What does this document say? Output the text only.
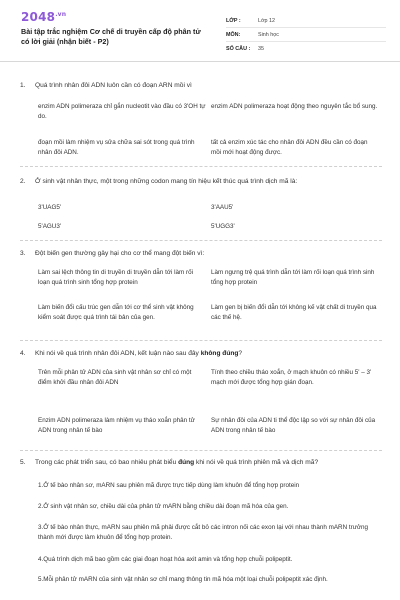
$2048^{.vn}$
Bài tập trắc nghiệm Cơ chế di truyền cấp độ phân tử có lời giải (nhận biết - P2)
LỚP :	Lớp 12
MÔN:	Sinh học
SỐ CÂU :	35
1. Quá trình nhân đôi ADN luôn cần có đoạn ARN mồi vì
enzim ADN polimeraza chỉ gắn nucleotit vào đầu có 3'OH tự do.
enzim ADN polimeraza hoạt động theo nguyên tắc bổ sung.
đoạn mồi làm nhiệm vụ sửa chữa sai sót trong quá trình nhân đôi ADN.
tất cả enzim xúc tác cho nhân đôi ADN đều cần có đoạn mồi mới hoạt động được.
2. Ở sinh vật nhân thực, một trong những codon mang tín hiệu kết thúc quá trình dịch mã là:
3'UAG5'	3'AAU5'
5'AGU3'	5'UGG3'
3. Đột biến gen thường gây hại cho cơ thể mang đột biến vì:
Làm sai lệch thông tin di truyền di truyền dẫn tới làm rối loạn quá trình sinh tổng hợp protein
Làm ngưng trệ quá trình dẫn tới làm rối loạn quá trình sinh tổng hợp protein
Làm biến đổi cấu trúc gen dẫn tới cơ thể sinh vật không kiểm soát được quá trình tái bản của gen.
Làm gen bị biến đổi dẫn tới không kế vật chất di truyền qua các thế hệ.
4. Khi nói về quá trình nhân đôi ADN, kết luận nào sau đây không đúng?
Trên mỗi phân tử ADN của sinh vật nhân sơ chỉ có một điểm khởi đầu nhân đôi ADN
Tính theo chiều tháo xoắn, ở mạch khuôn có nhiều 5' – 3' mạch mới được tổng hợp gián đoạn.
Enzim ADN polimeraza làm nhiệm vụ tháo xoắn phân tử ADN trong nhân tế bào
Sự nhân đôi của ADN ti thể độc lập so với sự nhân đôi của ADN trong nhân tế bào
5. Trong các phát triển sau, có bao nhiêu phát biểu đúng khi nói về quá trình phiên mã và dịch mã?
1.Ở tế bào nhân sơ, mARN sau phiên mã được trực tiếp dùng làm khuôn để tổng hợp protein
2.Ở sinh vật nhân sơ, chiều dài của phân tử mARN bằng chiều dài đoạn mã hóa của gen.
3.Ở tế bào nhân thực, mARN sau phiên mã phải được cắt bỏ các intron nối các exon lại với nhau thành mARN trưởng thành mới được làm khuôn để tổng hợp protein.
4.Quá trình dịch mã bao gồm các giai đoạn hoạt hóa axit amin và tổng hợp chuỗi polipeptit.
5.Mỗi phân tử mARN của sinh vật nhân sơ chỉ mang thông tin mã hóa một loại chuỗi polipeptit xác định.
